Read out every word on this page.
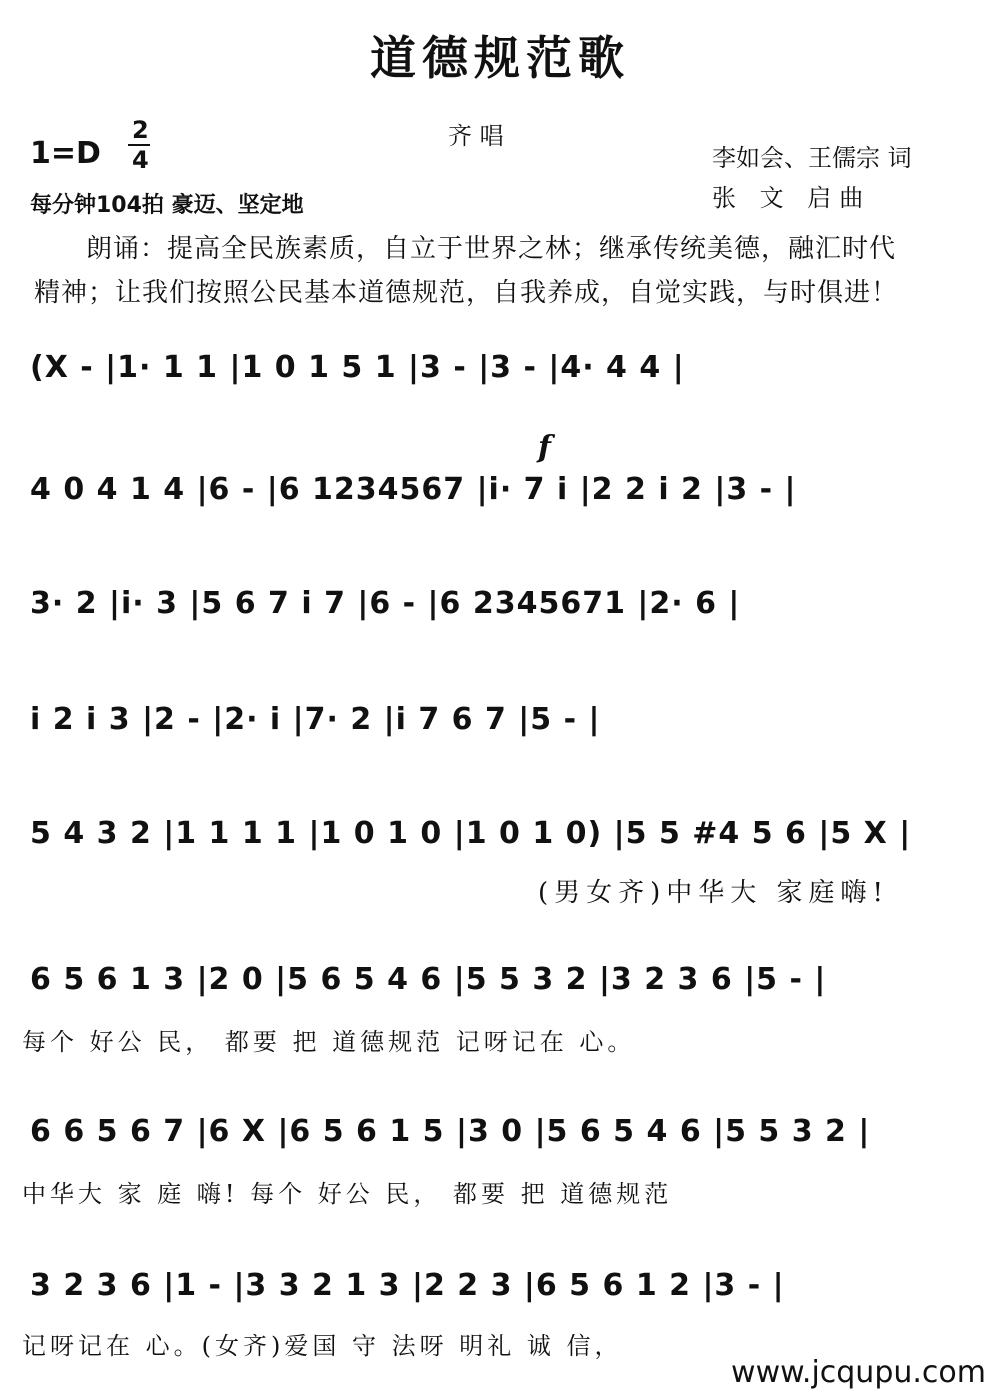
道德规范歌
齐 唱
1=D
2
4
每分钟104拍 豪迈、坚定地
李如会、王儒宗 词
张 文 启曲
朗诵：提高全民族素质，自立于世界之林；继承传统美德，融汇时代
精神；让我们按照公民基本道德规范，自我养成，自觉实践，与时俱进！
(X - |1· 1 1 |1 0 1 5 1 |3 - |3 - |4· 4 4 |
f
4 0 4 1 4 |6 - |6 1234567 |i· 7 i |2 2 i 2 |3 - |
3· 2 |i· 3 |5 6 7 i 7 |6 - |6 2345671 |2· 6 |
i 2 i 3 |2 - |2· i |7· 2 |i 7 6 7 |5 - |
5 4 3 2 |1 1 1 1 |1 0 1 0 |1 0 1 0) |5 5 #4 5 6 |5 X |
(男女齐)中华大 家庭嗨!
6 5 6 1 3 |2 0 |5 6 5 4 6 |5 5 3 2 |3 2 3 6 |5 - |
每个 好公 民， 都要 把 道德规范 记呀记在 心。
6 6 5 6 7 |6 X |6 5 6 1 5 |3 0 |5 6 5 4 6 |5 5 3 2 |
中华大 家 庭 嗨! 每个 好公 民， 都要 把 道德规范
3 2 3 6 |1 - |3 3 2 1 3 |2 2 3 |6 5 6 1 2 |3 - |
记呀记在 心。(女齐)爱国 守 法呀 明礼 诚 信，
www.jcqupu.com
